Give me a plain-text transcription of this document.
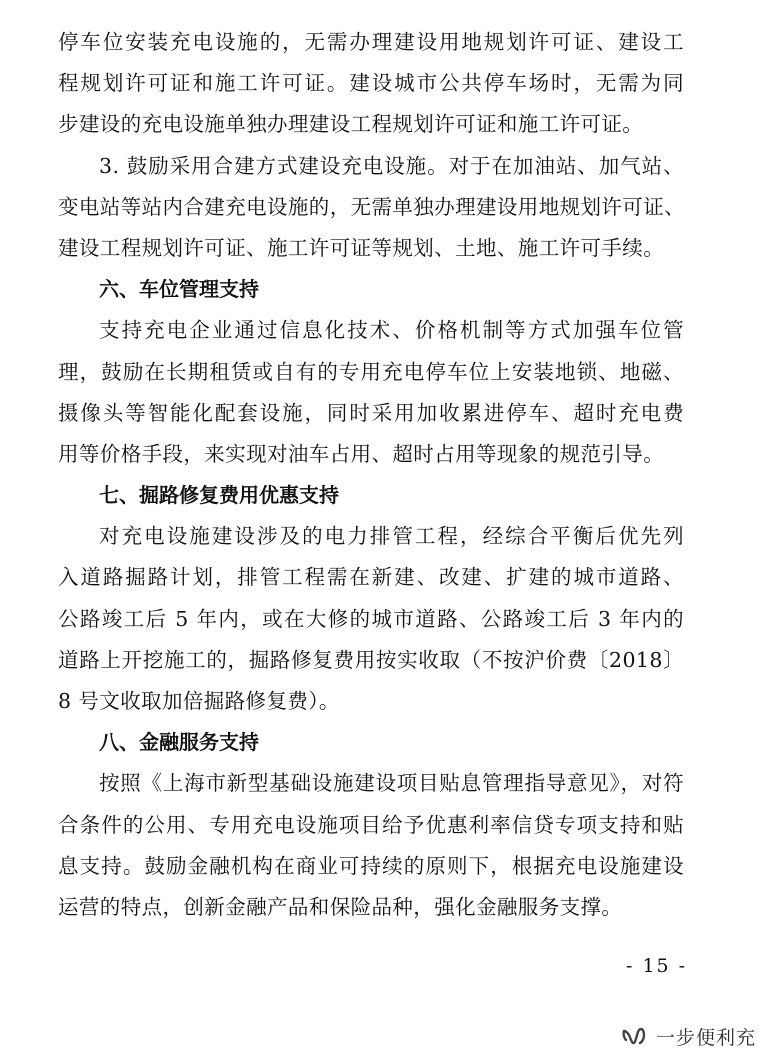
停车位安装充电设施的，无需办理建设用地规划许可证、建设工
程规划许可证和施工许可证。建设城市公共停车场时，无需为同
步建设的充电设施单独办理建设工程规划许可证和施工许可证。
3. 鼓励采用合建方式建设充电设施。对于在加油站、加气站、
变电站等站内合建充电设施的，无需单独办理建设用地规划许可证、
建设工程规划许可证、施工许可证等规划、土地、施工许可手续。
六、车位管理支持
支持充电企业通过信息化技术、价格机制等方式加强车位管
理，鼓励在长期租赁或自有的专用充电停车位上安装地锁、地磁、
摄像头等智能化配套设施，同时采用加收累进停车、超时充电费
用等价格手段，来实现对油车占用、超时占用等现象的规范引导。
七、掘路修复费用优惠支持
对充电设施建设涉及的电力排管工程，经综合平衡后优先列
入道路掘路计划，排管工程需在新建、改建、扩建的城市道路、
公路竣工后 5 年内，或在大修的城市道路、公路竣工后 3 年内的
道路上开挖施工的，掘路修复费用按实收取（不按沪价费〔2018〕
8 号文收取加倍掘路修复费）。
八、金融服务支持
按照《上海市新型基础设施建设项目贴息管理指导意见》，对符
合条件的公用、专用充电设施项目给予优惠利率信贷专项支持和贴
息支持。鼓励金融机构在商业可持续的原则下，根据充电设施建设
运营的特点，创新金融产品和保险品种，强化金融服务支撑。
- 15 -
一步便利充
